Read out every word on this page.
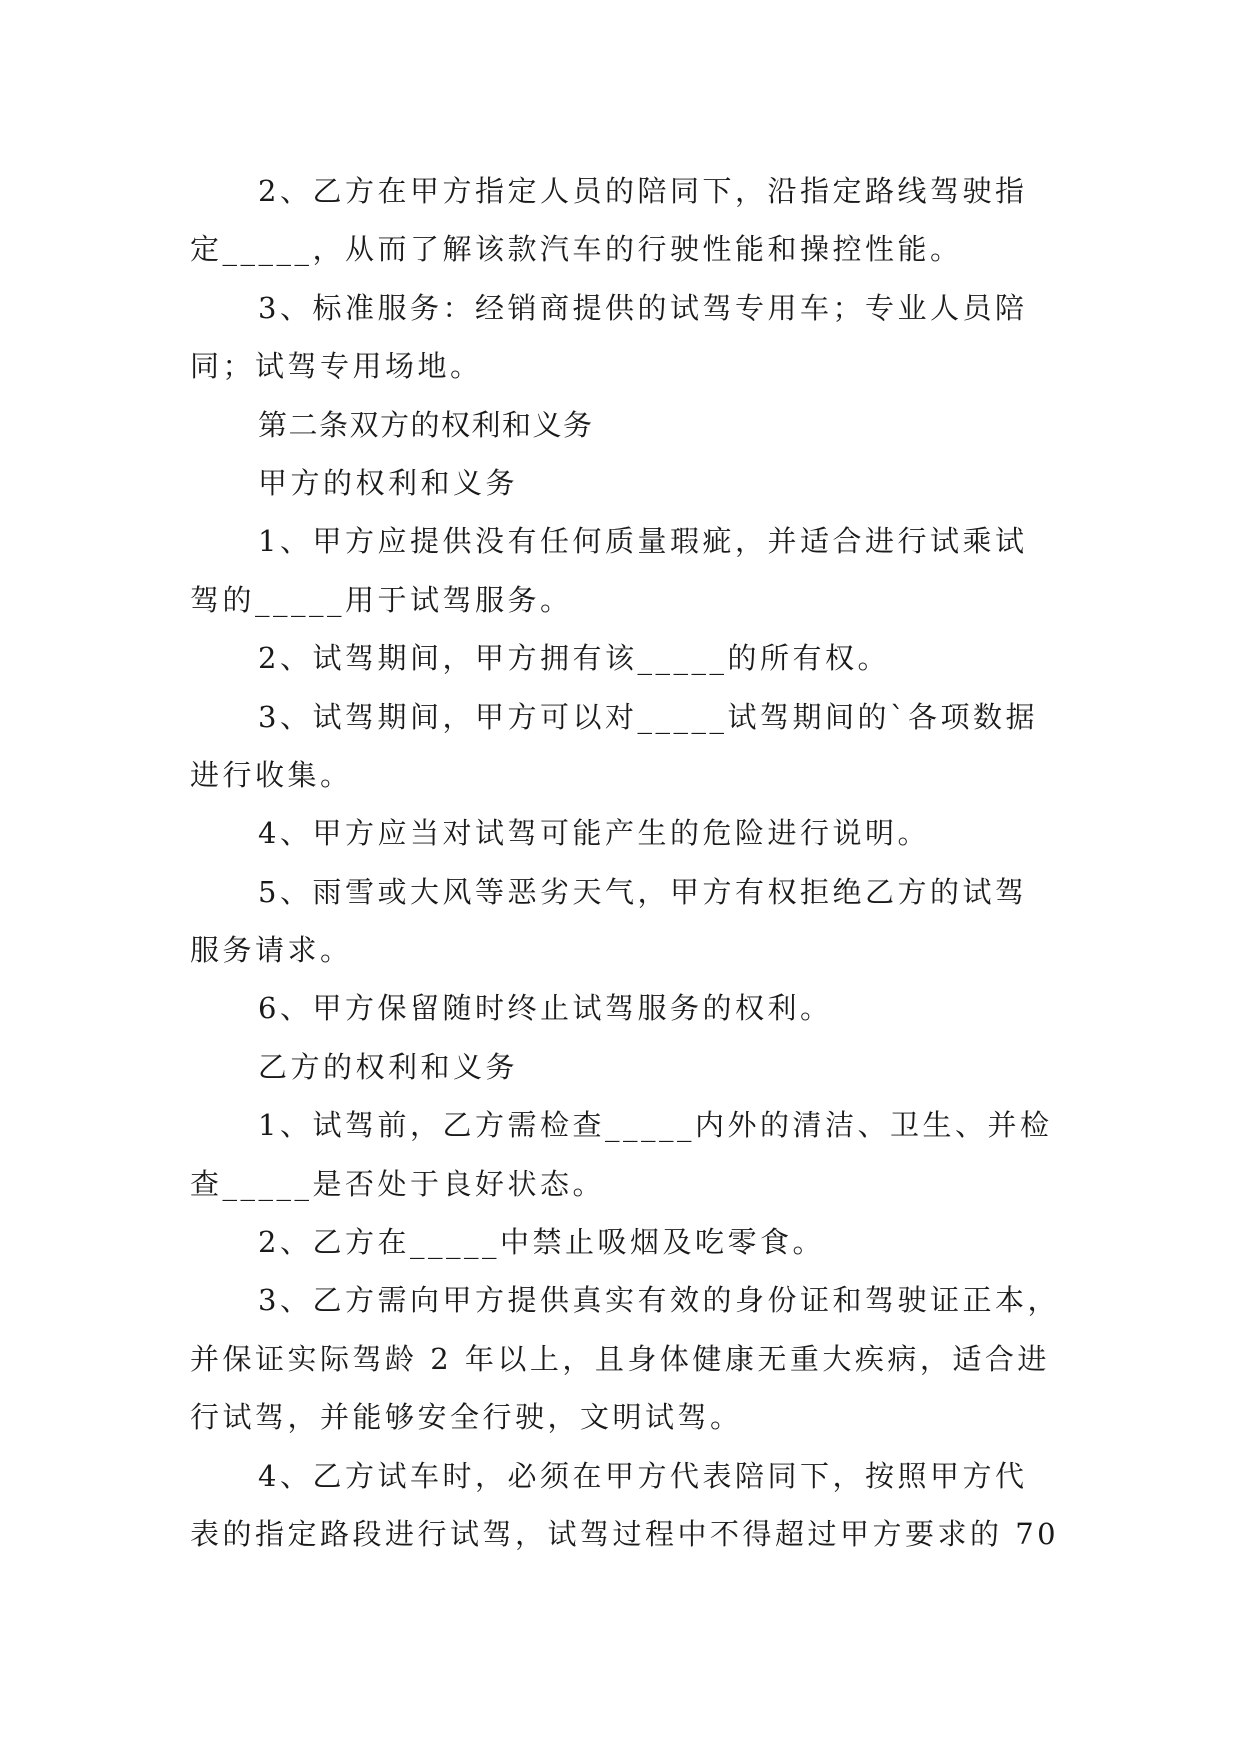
2、乙方在甲方指定人员的陪同下，沿指定路线驾驶指
定_____，从而了解该款汽车的行驶性能和操控性能。
3、标准服务：经销商提供的试驾专用车；专业人员陪
同；试驾专用场地。
第二条双方的权利和义务
甲方的权利和义务
1、甲方应提供没有任何质量瑕疵，并适合进行试乘试
驾的_____用于试驾服务。
2、试驾期间，甲方拥有该_____的所有权。
3、试驾期间，甲方可以对_____试驾期间的`各项数据
进行收集。
4、甲方应当对试驾可能产生的危险进行说明。
5、雨雪或大风等恶劣天气，甲方有权拒绝乙方的试驾
服务请求。
6、甲方保留随时终止试驾服务的权利。
乙方的权利和义务
1、试驾前，乙方需检查_____内外的清洁、卫生、并检
查_____是否处于良好状态。
2、乙方在_____中禁止吸烟及吃零食。
3、乙方需向甲方提供真实有效的身份证和驾驶证正本，
并保证实际驾龄 2 年以上，且身体健康无重大疾病，适合进
行试驾，并能够安全行驶，文明试驾。
4、乙方试车时，必须在甲方代表陪同下，按照甲方代
表的指定路段进行试驾，试驾过程中不得超过甲方要求的 70
